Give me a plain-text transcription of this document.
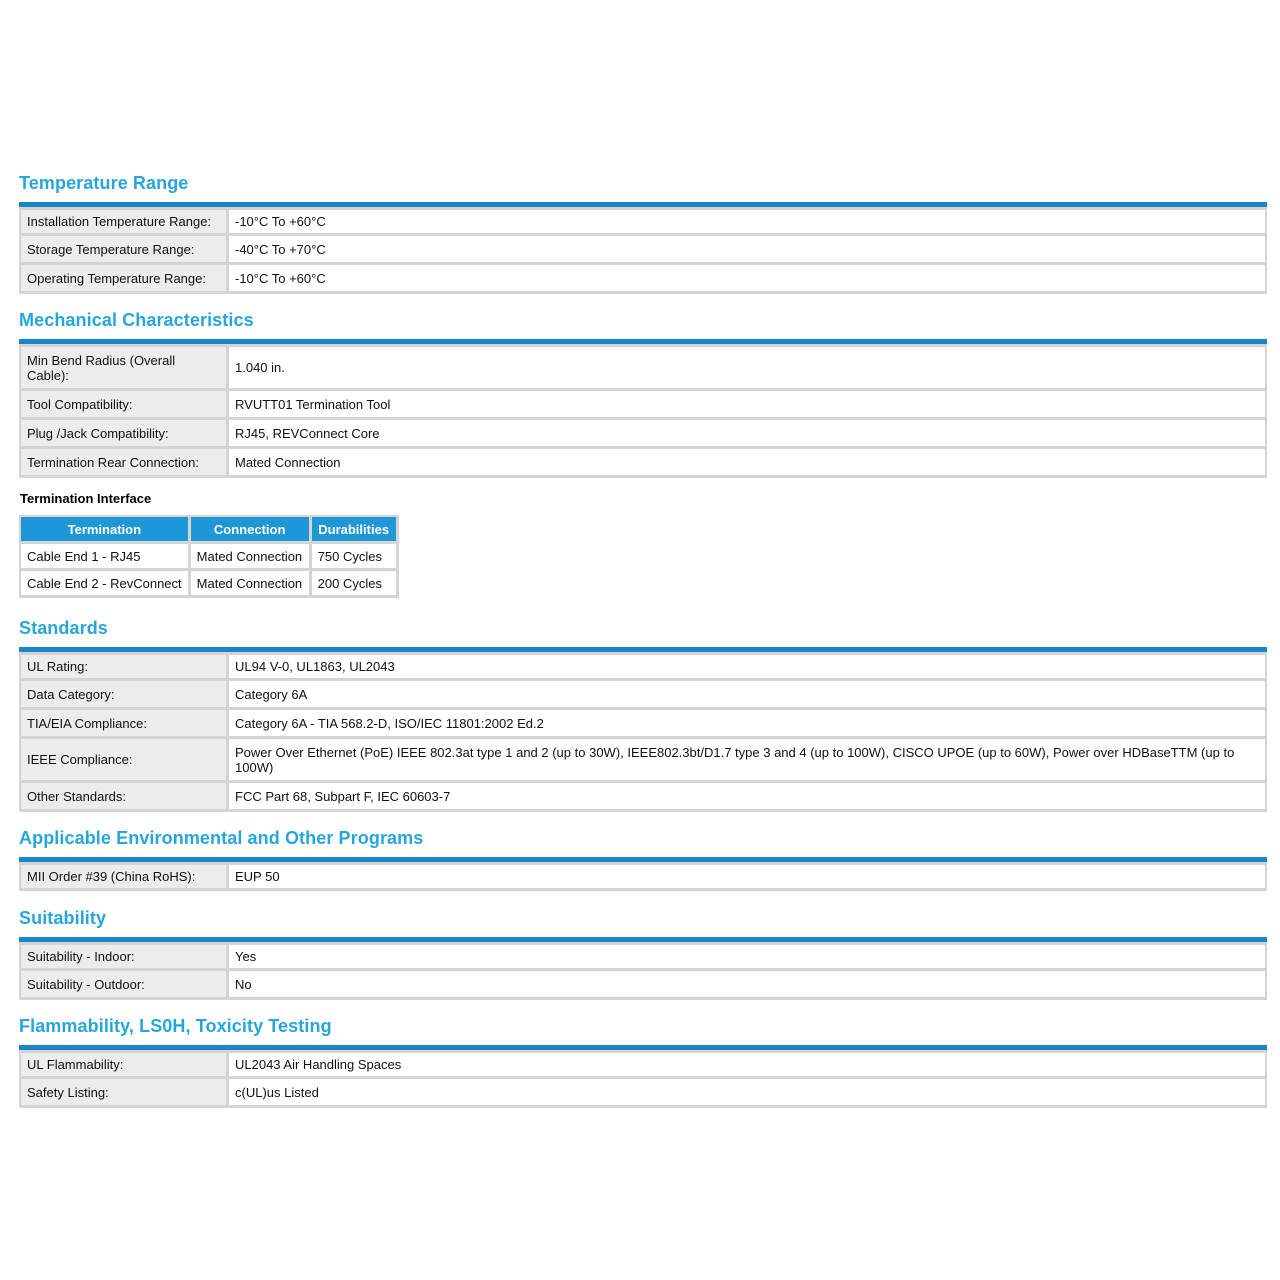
Temperature Range
Installation Temperature Range:	-10°C To +60°C
Storage Temperature Range:	-40°C To +70°C
Operating Temperature Range:	-10°C To +60°C
Mechanical Characteristics
Min Bend Radius (Overall Cable):	1.040 in.
Tool Compatibility:	RVUTT01 Termination Tool
Plug /Jack Compatibility:	RJ45, REVConnect Core
Termination Rear Connection:	Mated Connection
Termination Interface
Termination	Connection	Durabilities
Cable End 1 - RJ45	Mated Connection	750 Cycles
Cable End 2 - RevConnect	Mated Connection	200 Cycles
Standards
UL Rating:	UL94 V-0, UL1863, UL2043
Data Category:	Category 6A
TIA/EIA Compliance:	Category 6A - TIA 568.2-D, ISO/IEC 11801:2002 Ed.2
IEEE Compliance:	Power Over Ethernet (PoE) IEEE 802.3at type 1 and 2 (up to 30W), IEEE802.3bt/D1.7 type 3 and 4 (up to 100W), CISCO UPOE (up to 60W), Power over HDBaseTTM (up to 100W)
Other Standards:	FCC Part 68, Subpart F, IEC 60603-7
Applicable Environmental and Other Programs
MII Order #39 (China RoHS):	EUP 50
Suitability
Suitability - Indoor:	Yes
Suitability - Outdoor:	No
Flammability, LS0H, Toxicity Testing
UL Flammability:	UL2043 Air Handling Spaces
Safety Listing:	c(UL)us Listed
